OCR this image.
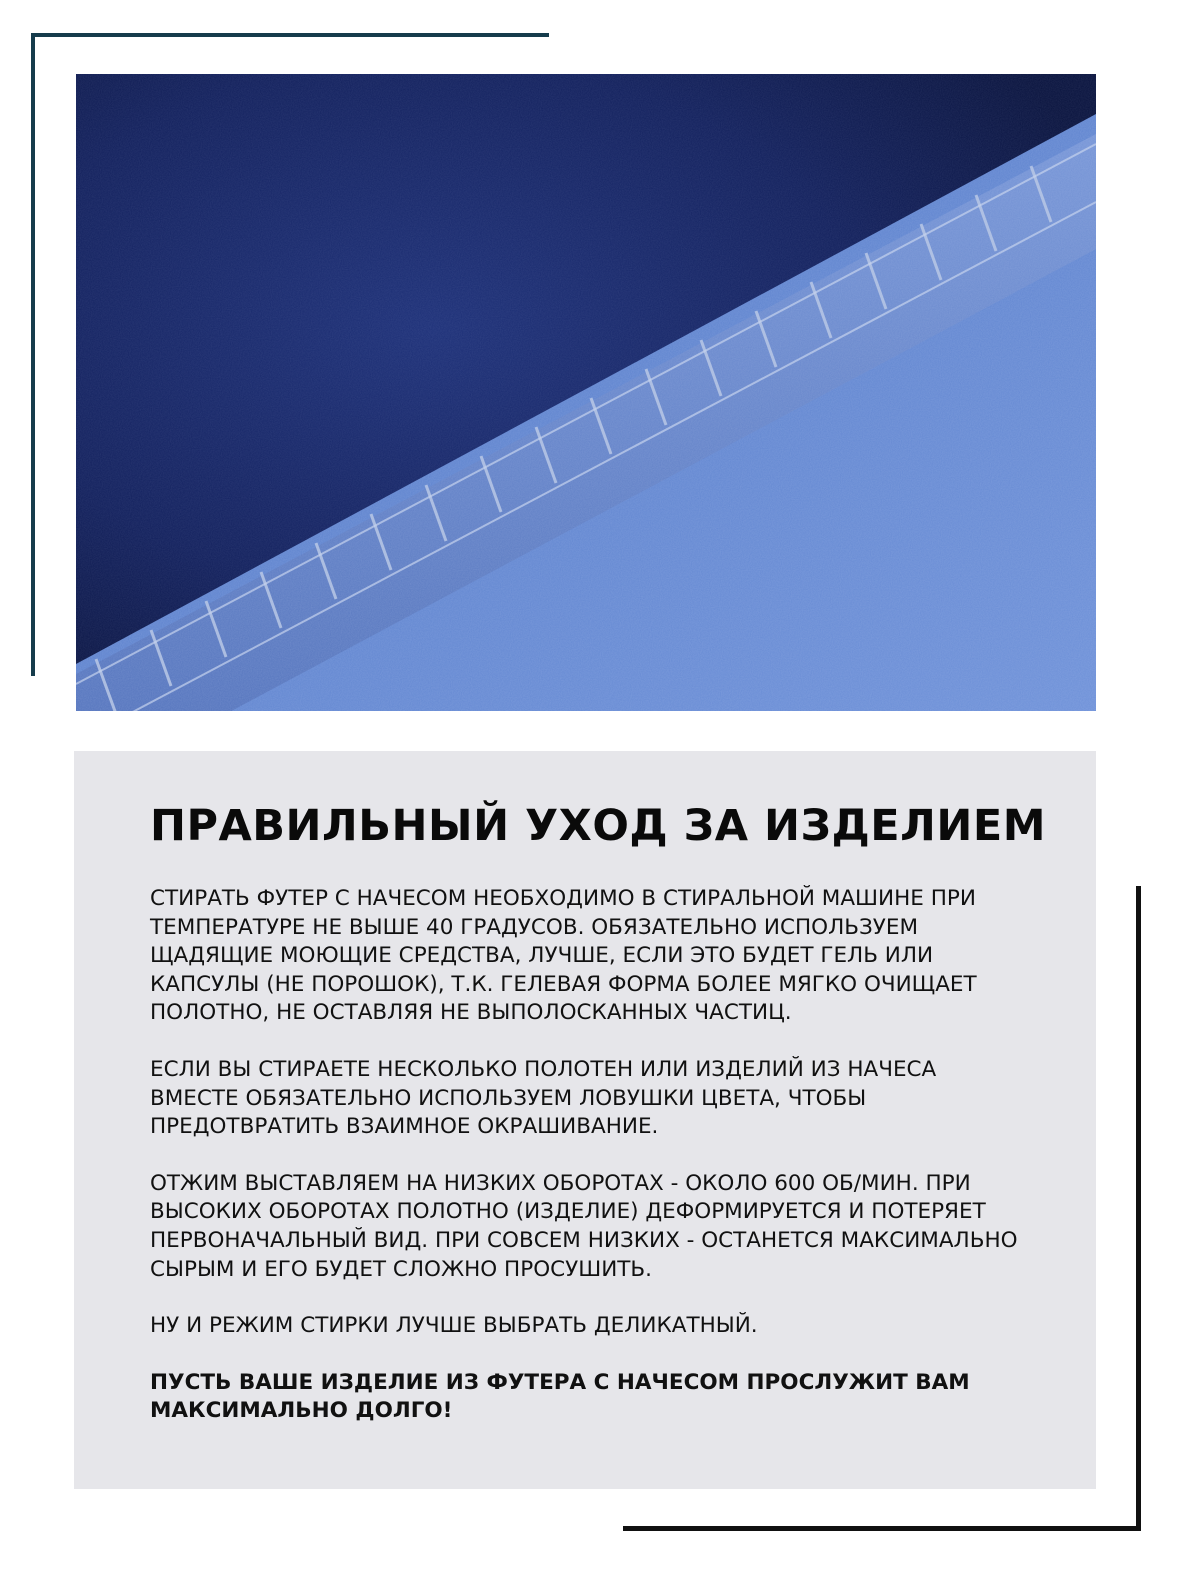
ПРАВИЛЬНЫЙ УХОД ЗА ИЗДЕЛИЕМ

СТИРАТЬ ФУТЕР С НАЧЕСОМ НЕОБХОДИМО В СТИРАЛЬНОЙ МАШИНЕ ПРИ ТЕМПЕРАТУРЕ НЕ ВЫШЕ 40 ГРАДУСОВ. ОБЯЗАТЕЛЬНО ИСПОЛЬЗУЕМ ЩАДЯЩИЕ МОЮЩИЕ СРЕДСТВА, ЛУЧШЕ, ЕСЛИ ЭТО БУДЕТ ГЕЛЬ ИЛИ КАПСУЛЫ (НЕ ПОРОШОК), Т.К. ГЕЛЕВАЯ ФОРМА БОЛЕЕ МЯГКО ОЧИЩАЕТ ПОЛОТНО, НЕ ОСТАВЛЯЯ НЕ ВЫПОЛОСКАННЫХ ЧАСТИЦ.

ЕСЛИ ВЫ СТИРАЕТЕ НЕСКОЛЬКО ПОЛОТЕН ИЛИ ИЗДЕЛИЙ ИЗ НАЧЕСА ВМЕСТЕ ОБЯЗАТЕЛЬНО ИСПОЛЬЗУЕМ ЛОВУШКИ ЦВЕТА, ЧТОБЫ ПРЕДОТВРАТИТЬ ВЗАИМНОЕ ОКРАШИВАНИЕ.

ОТЖИМ ВЫСТАВЛЯЕМ НА НИЗКИХ ОБОРОТАХ - ОКОЛО 600 ОБ/МИН. ПРИ ВЫСОКИХ ОБОРОТАХ ПОЛОТНО (ИЗДЕЛИЕ) ДЕФОРМИРУЕТСЯ И ПОТЕРЯЕТ ПЕРВОНАЧАЛЬНЫЙ ВИД. ПРИ СОВСЕМ НИЗКИХ - ОСТАНЕТСЯ МАКСИМАЛЬНО СЫРЫМ И ЕГО БУДЕТ СЛОЖНО ПРОСУШИТЬ.

НУ И РЕЖИМ СТИРКИ ЛУЧШЕ ВЫБРАТЬ ДЕЛИКАТНЫЙ.

ПУСТЬ ВАШЕ ИЗДЕЛИЕ ИЗ ФУТЕРА С НАЧЕСОМ ПРОСЛУЖИТ ВАМ МАКСИМАЛЬНО ДОЛГО!
